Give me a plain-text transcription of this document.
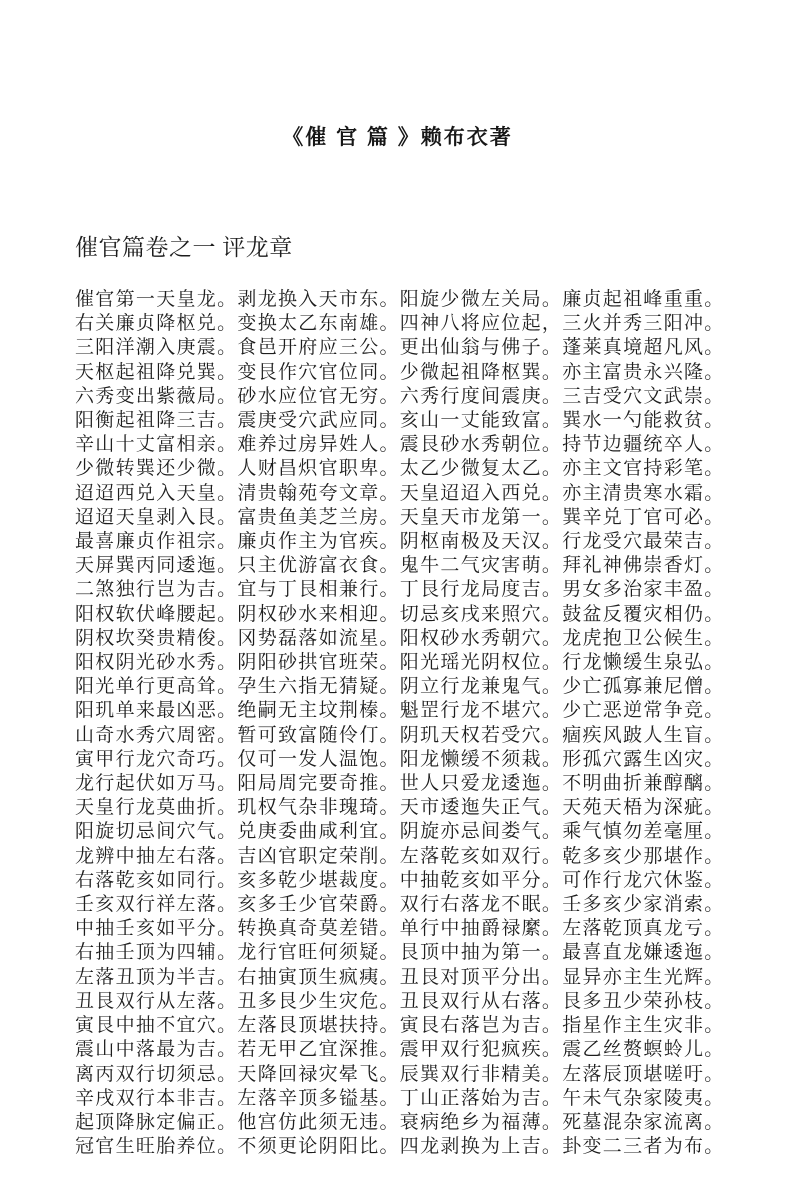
《催 官 篇 》赖布衣著
催官篇卷之一 评龙章
催官第一天皇龙。剥龙换入天市东。阳旋少微左关局。廉贞起祖峰重重。
右关廉贞降枢兑。变换太乙东南雄。四神八将应位起，三火并秀三阳冲。
三阳洋潮入庚震。食邑开府应三公。更出仙翁与佛子。蓬莱真境超凡风。
天枢起祖降兑巽。变艮作穴官位同。少微起祖降枢巽。亦主富贵永兴隆。
六秀变出紫薇局。砂水应位官无穷。六秀行度间震庚。三吉受穴文武崇。
阳衡起祖降三吉。震庚受穴武应同。亥山一丈能致富。巽水一勺能救贫。
辛山十丈富相亲。难养过房异姓人。震艮砂水秀朝位。持节边疆统卒人。
少微转巽还少微。人财昌炽官职卑。太乙少微复太乙。亦主文官持彩笔。
迢迢西兑入天皇。清贵翰苑夸文章。天皇迢迢入西兑。亦主清贵寒水霜。
迢迢天皇剥入艮。富贵鱼美芝兰房。天皇天市龙第一。巽辛兑丁官可必。
最喜廉贞作祖宗。廉贞作主为官疾。阴枢南极及天汉。行龙受穴最荣吉。
天屏巽丙同逶迤。只主优游富衣食。鬼牛二气灾害萌。拜礼神佛崇香灯。
二煞独行岂为吉。宜与丁艮相兼行。丁艮行龙局度吉。男女多治家丰盈。
阳权软伏峰腰起。阴权砂水来相迎。切忌亥戌来照穴。鼓盆反覆灾相仍。
阴权坎癸贵精俊。冈势磊落如流星。阳权砂水秀朝穴。龙虎抱卫公候生。
阳权阴光砂水秀。阴阳砂拱官班荣。阳光瑶光阴权位。行龙懒缓生泉弘。
阳光单行更高耸。孕生六指无猜疑。阴立行龙兼鬼气。少亡孤寡兼尼僧。
阳玑单来最凶恶。绝嗣无主坟荆榛。魁罡行龙不堪穴。少亡恶逆常争竞。
山奇水秀穴周密。暂可致富随伶仃。阴玑天权若受穴。痼疾风跛人生盲。
寅甲行龙穴奇巧。仅可一发人温饱。阳龙懒缓不须栽。形孤穴露生凶灾。
龙行起伏如万马。阳局周完要奇推。世人只爱龙逶迤。不明曲折兼醇醨。
天皇行龙莫曲折。玑权气杂非瑰琦。天市逶迤失正气。天苑天梧为深疵。
阳旋切忌间穴气。兑庚委曲咸利宜。阴旋亦忌间娄气。乘气慎勿差毫厘。
龙辨中抽左右落。吉凶官职定荣削。左落乾亥如双行。乾多亥少那堪作。
右落乾亥如同行。亥多乾少堪裁度。中抽乾亥如平分。可作行龙穴休鉴。
壬亥双行祥左落。亥多壬少官荣爵。双行右落龙不眠。壬多亥少家消索。
中抽壬亥如平分。转换真奇莫差错。单行中抽爵禄縻。左落乾顶真龙亏。
右抽壬顶为四辅。龙行官旺何须疑。艮顶中抽为第一。最喜直龙嫌逶迤。
左落丑顶为半吉。右抽寅顶生疯痍。丑艮对顶平分出。显异亦主生光辉。
丑艮双行从左落。丑多艮少生灾危。丑艮双行从右落。艮多丑少荣孙枝。
寅艮中抽不宜穴。左落艮顶堪扶持。寅艮右落岂为吉。指星作主生灾非。
震山中落最为吉。若无甲乙宜深推。震甲双行犯疯疾。震乙丝赘螟蛉儿。
离丙双行切须忌。天降回禄灾晕飞。辰巽双行非精美。左落辰顶堪嗟吁。
辛戌双行本非吉。左落辛顶多镒基。丁山正落始为吉。午未气杂家陵夷。
起顶降脉定偏正。他宫仿此须无违。衰病绝乡为福薄。死墓混杂家流离。
冠官生旺胎养位。不须更论阴阳比。四龙剥换为上吉。卦变二三者为布。
